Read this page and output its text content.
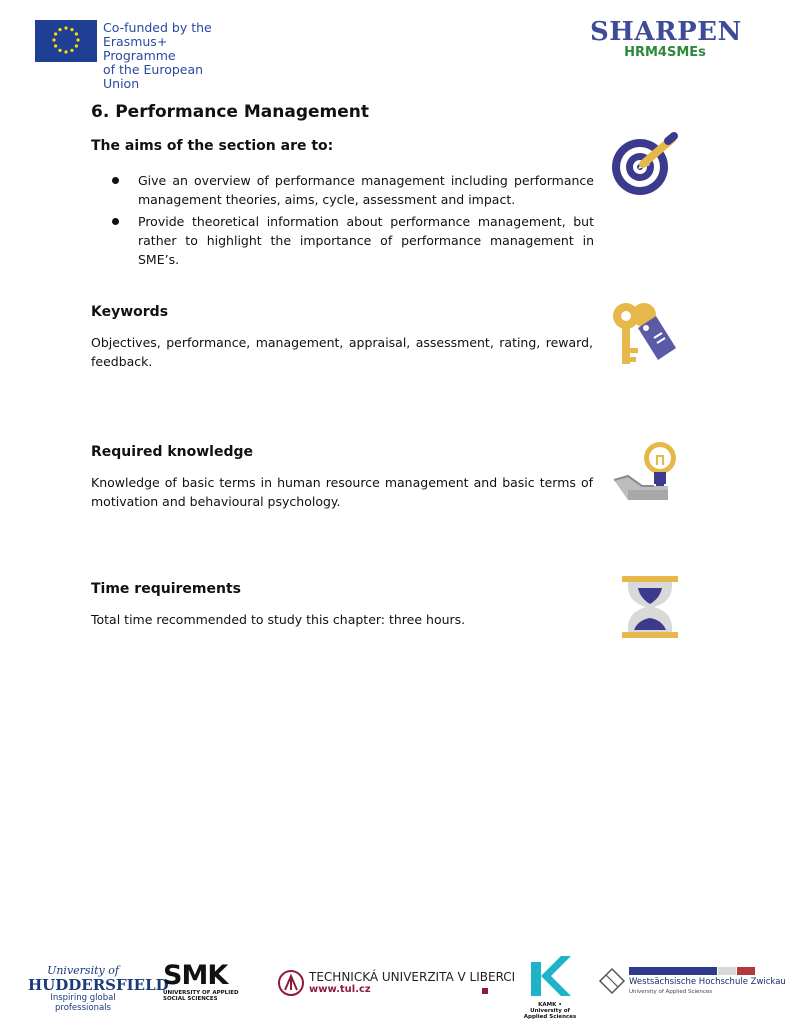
Co-funded by the
Erasmus+ Programme
of the European Union
SHARPEN
HRM4SMEs
6. Performance Management
The aims of the section are to:
Give an overview of performance management including performance management theories, aims, cycle, assessment and impact.
Provide theoretical information about performance management, but rather to highlight the importance of performance management in SME’s.
Keywords
Objectives, performance, management, appraisal, assessment, rating, reward, feedback.
Required knowledge
Knowledge of basic terms in human resource management and basic terms of motivation and behavioural psychology.
Time requirements
Total time recommended to study this chapter: three hours.
University of
HUDDERSFIELD
Inspiring global professionals
SMK
UNIVERSITY OF APPLIED SOCIAL SCIENCES
TECHNICKÁ UNIVERZITA V LIBERCI
www.tul.cz
KAMK • University of Applied Sciences
Westsächsische Hochschule Zwickau
University of Applied Sciences
